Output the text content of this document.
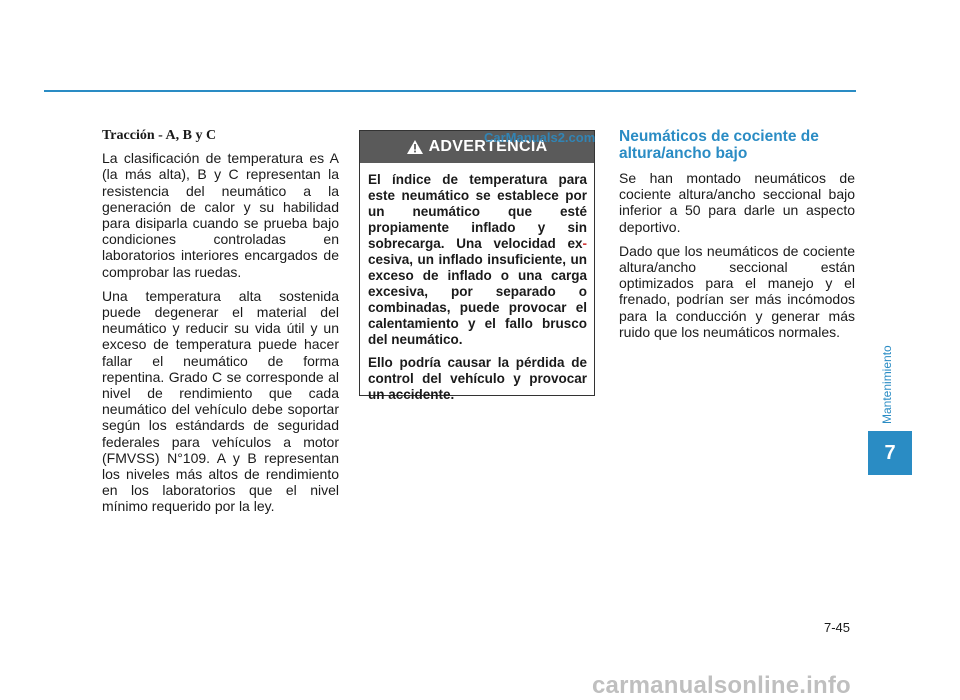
Tracción - A, B y C

La clasificación de temperatura es A (la más alta), B y C representan la resistencia del neumático a la generación de calor y su habilidad para disiparla cuando se prueba bajo condiciones controladas en laboratorios interiores encargados de comprobar las ruedas.

Una temperatura alta sostenida puede degenerar el material del neumático y reducir su vida útil y un exceso de temperatura puede hacer fallar el neumático de forma repentina. Grado C se corresponde al nivel de rendimiento que cada neumático del vehículo debe soportar según los estándards de seguridad federales para vehículos a motor (FMVSS) N°109. A y B representan los niveles más altos de rendimiento en los laboratorios que el nivel mínimo requerido por la ley.

ADVERTENCIA

El índice de temperatura para este neumático se establece por un neumático que esté propiamente inflado y sin sobrecarga. Una velocidad ex-cesiva, un inflado insuficiente, un exceso de inflado o una carga excesiva, por separado o combinadas, puede provocar el calentamiento y el fallo brusco del neumático.

Ello podría causar la pérdida de control del vehículo y provocar un accidente.

CarManuals2.com Neumáticos de cociente de altura/ancho bajo

Se han montado neumáticos de cociente altura/ancho seccional bajo inferior a 50 para darle un aspecto deportivo.

Dado que los neumáticos de cociente altura/ancho seccional están optimizados para el manejo y el frenado, podrían ser más incómodos para la conducción y generar más ruido que los neumáticos normales.

Mantenimiento
7
7-45
carmanualsonline.info
